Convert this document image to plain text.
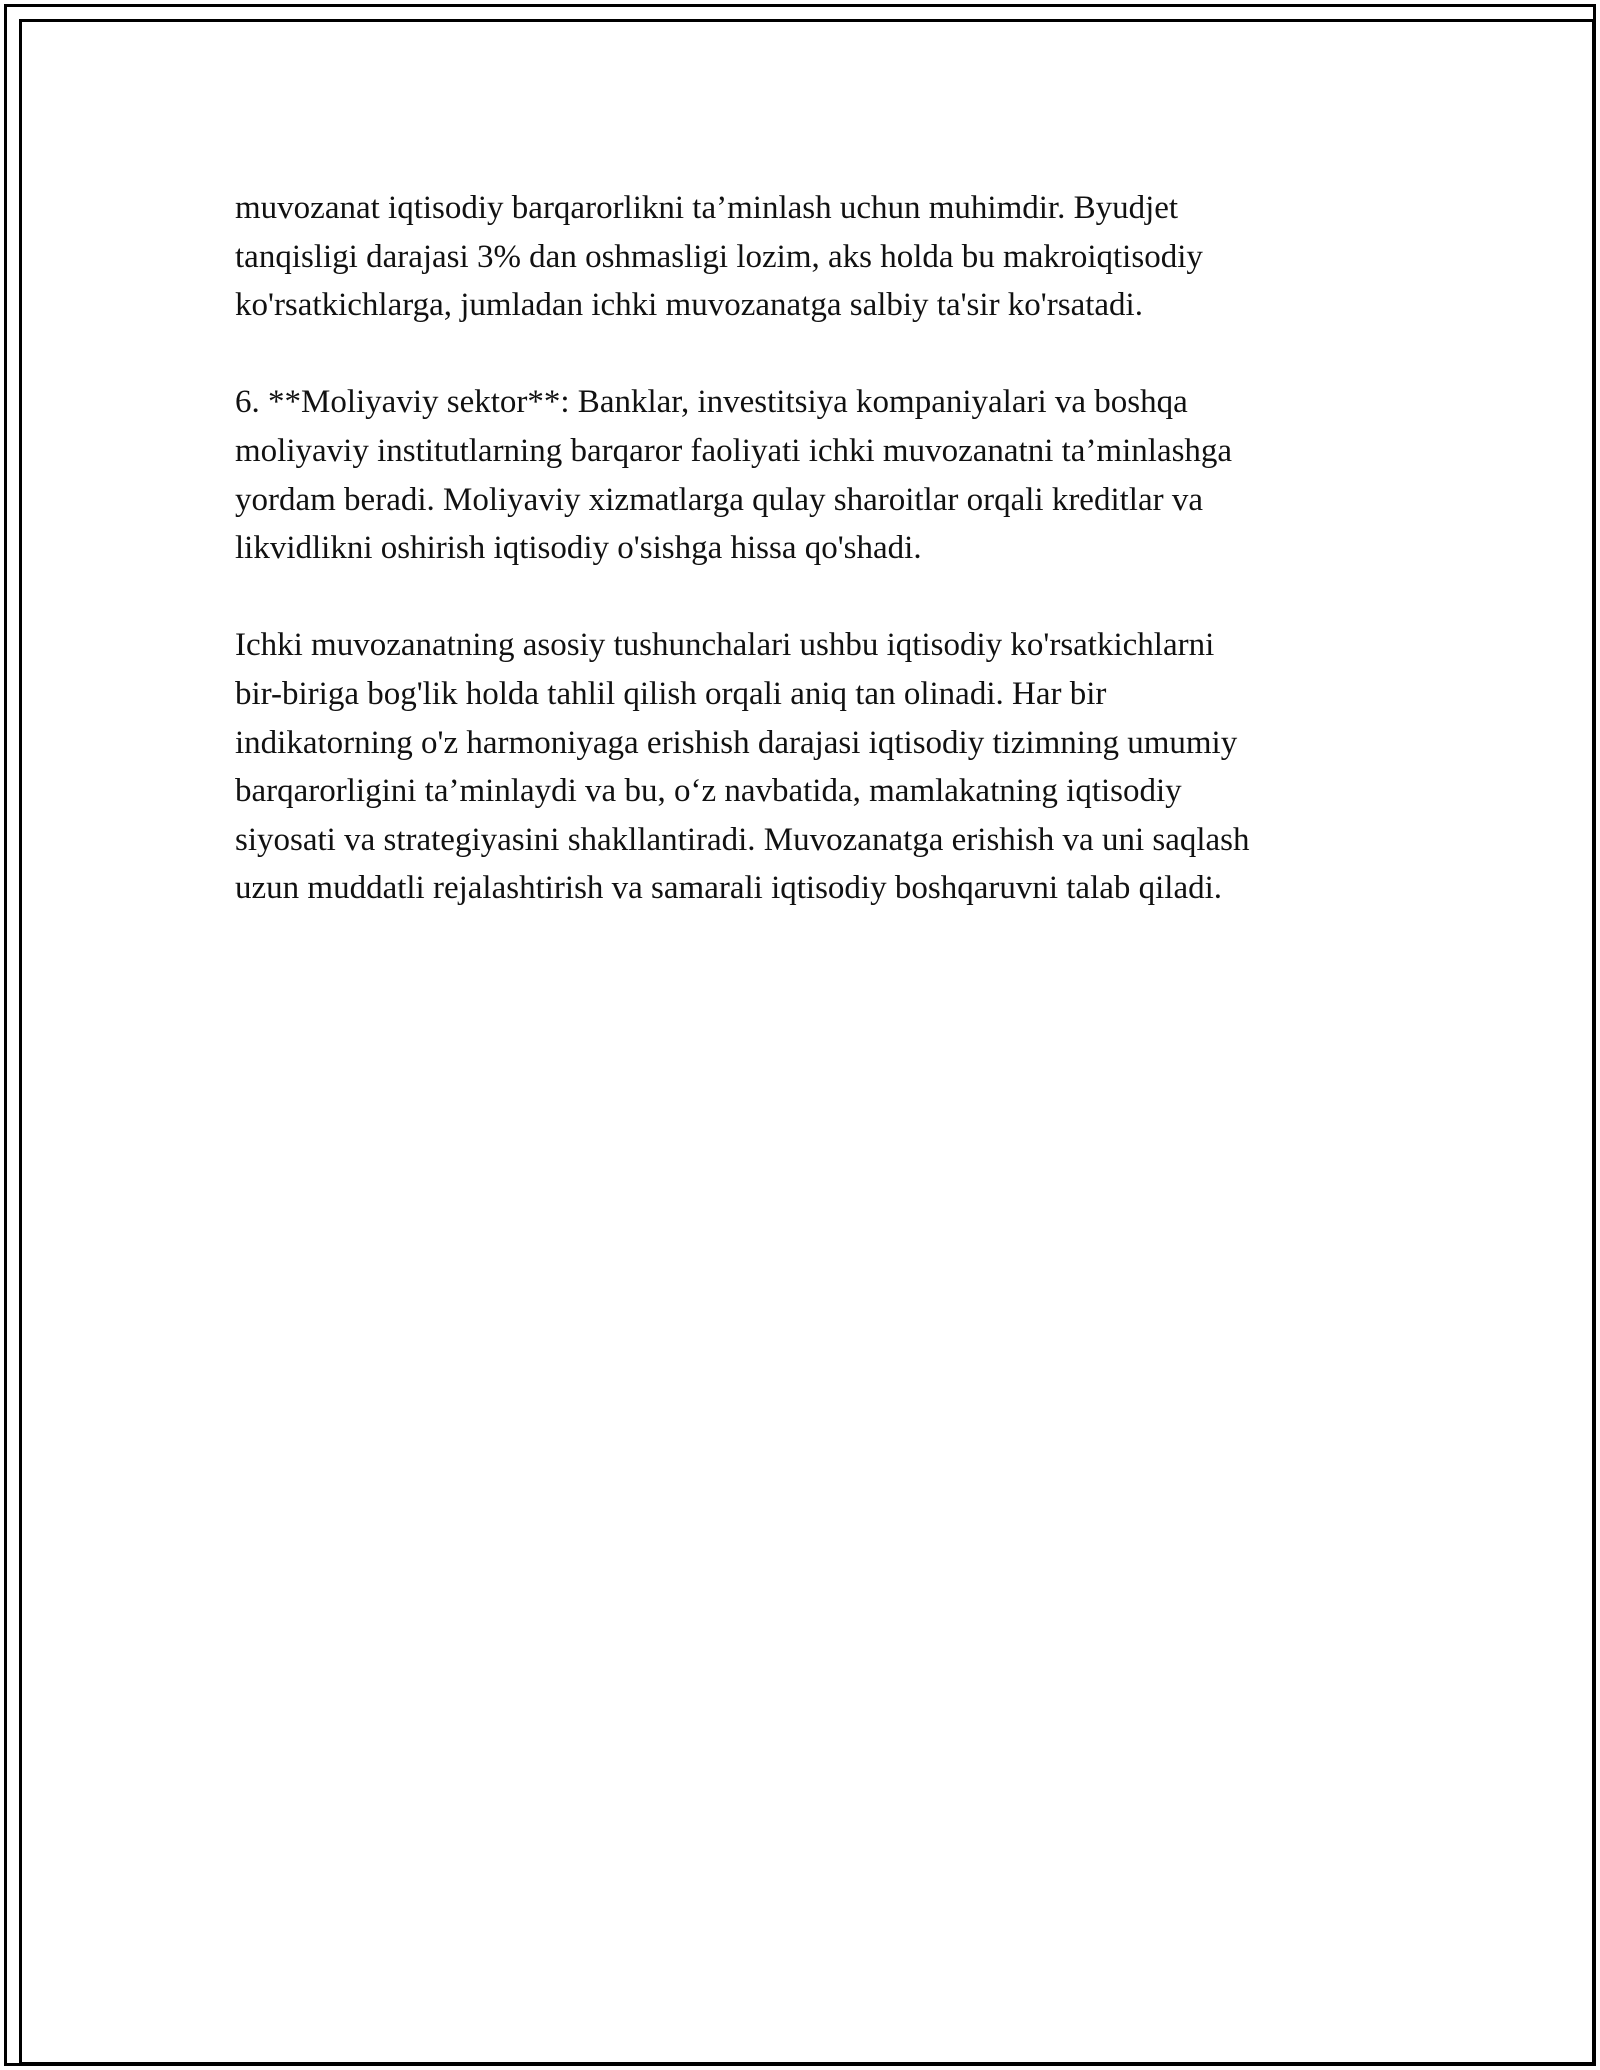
muvozanat iqtisodiy barqarorlikni ta’minlash uchun muhimdir. Byudjet
tanqisligi darajasi 3% dan oshmasligi lozim, aks holda bu makroiqtisodiy
ko'rsatkichlarga, jumladan ichki muvozanatga salbiy ta'sir ko'rsatadi.

6. **Moliyaviy sektor**: Banklar, investitsiya kompaniyalari va boshqa
moliyaviy institutlarning barqaror faoliyati ichki muvozanatni ta’minlashga
yordam beradi. Moliyaviy xizmatlarga qulay sharoitlar orqali kreditlar va
likvidlikni oshirish iqtisodiy o'sishga hissa qo'shadi.

Ichki muvozanatning asosiy tushunchalari ushbu iqtisodiy ko'rsatkichlarni
bir-biriga bog'lik holda tahlil qilish orqali aniq tan olinadi. Har bir
indikatorning o'z harmoniyaga erishish darajasi iqtisodiy tizimning umumiy
barqarorligini ta’minlaydi va bu, o‘z navbatida, mamlakatning iqtisodiy
siyosati va strategiyasini shakllantiradi. Muvozanatga erishish va uni saqlash
uzun muddatli rejalashtirish va samarali iqtisodiy boshqaruvni talab qiladi.
